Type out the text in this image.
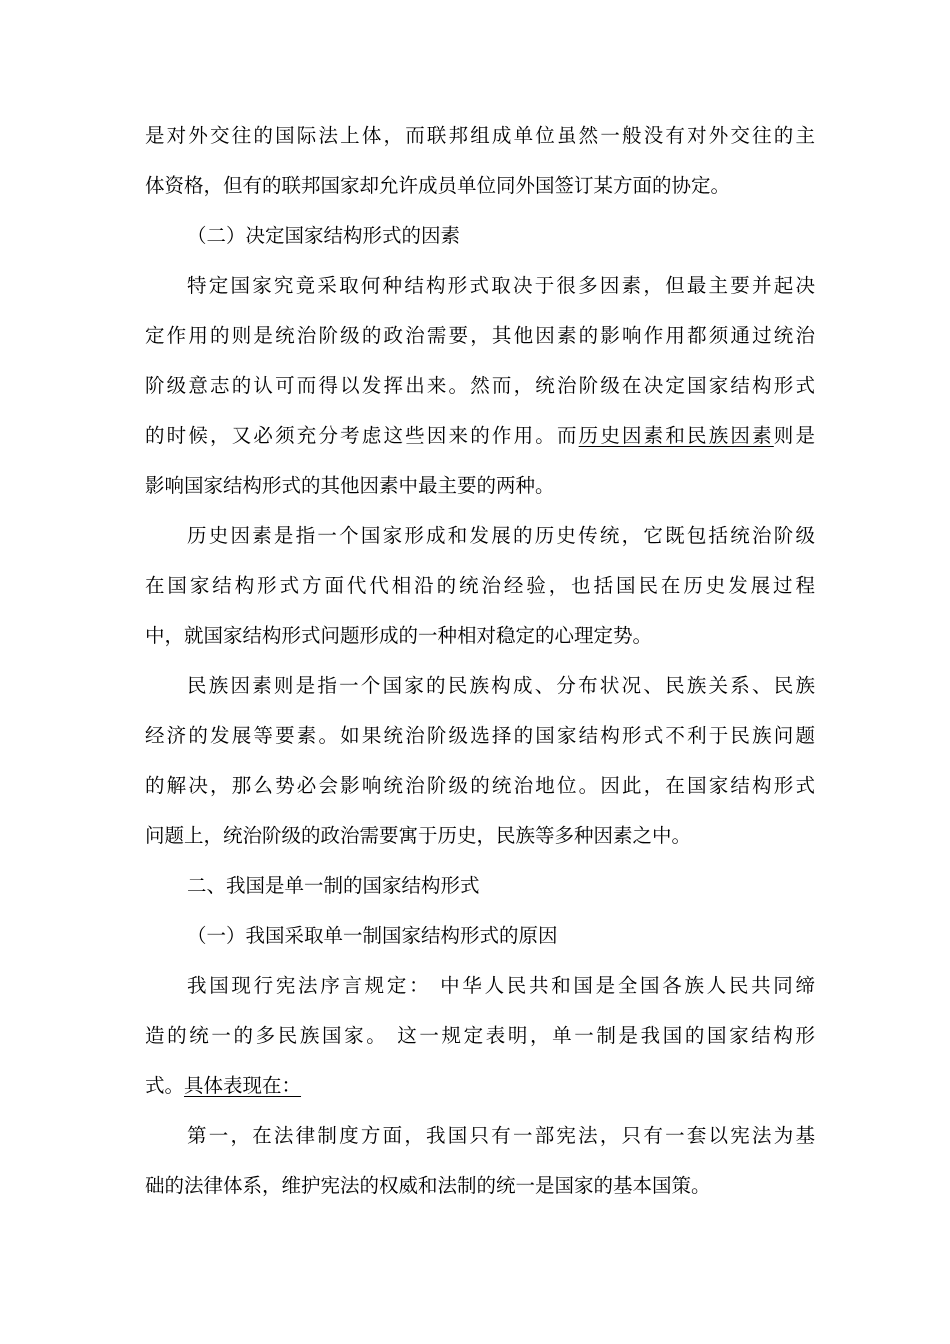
是对外交往的国际法上体，而联邦组成单位虽然一般没有对外交往的主
体资格，但有的联邦国家却允许成员单位同外国签订某方面的协定。
（二）决定国家结构形式的因素
特定国家究竟采取何种结构形式取决于很多因素，但最主要并起决
定作用的则是统治阶级的政治需要，其他因素的影响作用都须通过统治
阶级意志的认可而得以发挥出来。然而，统治阶级在决定国家结构形式
的时候，又必须充分考虑这些因来的作用。而历史因素和民族因素则是
影响国家结构形式的其他因素中最主要的两种。
历史因素是指一个国家形成和发展的历史传统，它既包括统治阶级
在国家结构形式方面代代相沿的统治经验，也括国民在历史发展过程
中，就国家结构形式问题形成的一种相对稳定的心理定势。
民族因素则是指一个国家的民族构成、分布状况、民族关系、民族
经济的发展等要素。如果统治阶级选择的国家结构形式不利于民族问题
的解决，那么势必会影响统治阶级的统治地位。因此，在国家结构形式
问题上，统治阶级的政治需要寓于历史，民族等多种因素之中。
二、我国是单一制的国家结构形式
（一）我国采取单一制国家结构形式的原因
我国现行宪法序言规定： 中华人民共和国是全国各族人民共同缔
造的统一的多民族国家。 这一规定表明，单一制是我国的国家结构形
式。具体表现在：
第一，在法律制度方面，我国只有一部宪法，只有一套以宪法为基
础的法律体系，维护宪法的权威和法制的统一是国家的基本国策。
